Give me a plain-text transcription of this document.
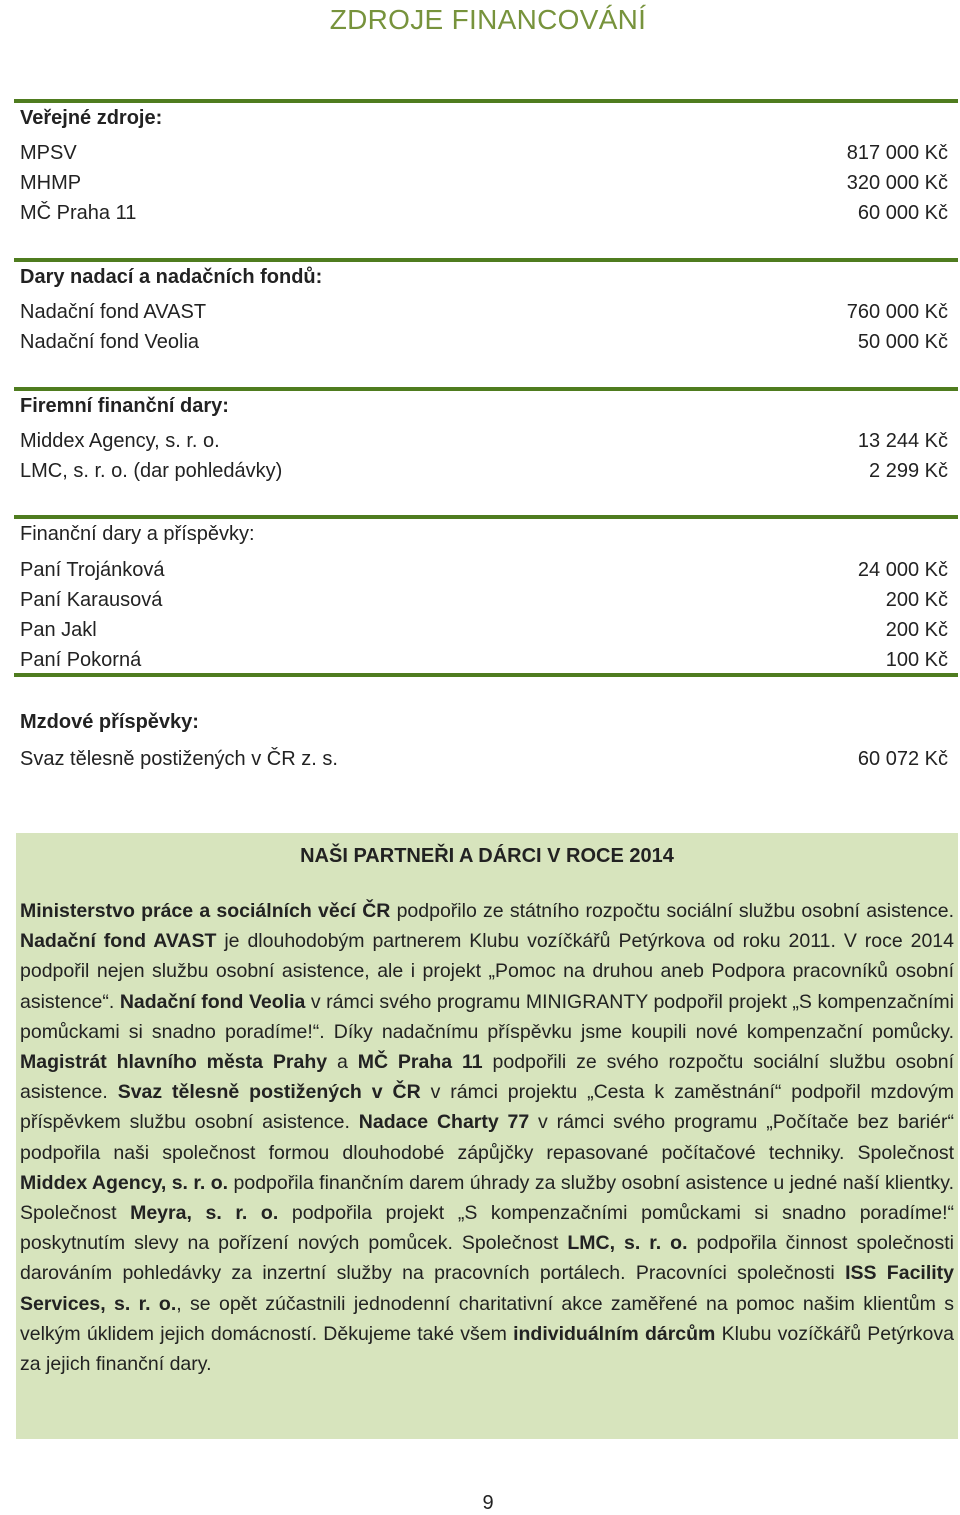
ZDROJE FINANCOVÁNÍ
Veřejné zdroje:
MPSV	817 000 Kč
MHMP	320 000 Kč
MČ Praha 11	60 000 Kč
Dary nadací a nadačních fondů:
Nadační fond AVAST	760 000 Kč
Nadační fond Veolia	50 000 Kč
Firemní finanční dary:
Middex Agency, s. r. o.	13 244 Kč
LMC, s. r. o. (dar pohledávky)	2 299 Kč
Finanční dary a příspěvky:
Paní Trojánková	24 000 Kč
Paní Karausová	200 Kč
Pan Jakl	200 Kč
Paní Pokorná	100 Kč
Mzdové příspěvky:
Svaz tělesně postižených v ČR z. s.	60 072 Kč
NAŠI PARTNEŘI A DÁRCI V ROCE 2014
Ministerstvo práce a sociálních věcí ČR podpořilo ze státního rozpočtu sociální službu osobní asistence. Nadační fond AVAST je dlouhodobým partnerem Klubu vozíčkářů Petýrkova od roku 2011. V roce 2014 podpořil nejen službu osobní asistence, ale i projekt „Pomoc na druhou aneb Podpora pracovníků osobní asistence“. Nadační fond Veolia v rámci svého programu MINIGRANTY podpořil projekt „S kompenzačními pomůckami si snadno poradíme!“. Díky nadačnímu příspěvku jsme koupili nové kompenzační pomůcky. Magistrát hlavního města Prahy a MČ Praha 11 podpořili ze svého rozpočtu sociální službu osobní asistence. Svaz tělesně postižených v ČR v rámci projektu „Cesta k zaměstnání“ podpořil mzdovým příspěvkem službu osobní asistence. Nadace Charty 77 v rámci svého programu „Počítače bez bariér“ podpořila naši společnost formou dlouhodobé zápůjčky repasované počítačové techniky. Společnost Middex Agency, s. r. o. podpořila finančním darem úhrady za služby osobní asistence u jedné naší klientky. Společnost Meyra, s. r. o. podpořila projekt „S kompenzačními pomůckami si snadno poradíme!“ poskytnutím slevy na pořízení nových pomůcek. Společnost LMC, s. r. o. podpořila činnost společnosti darováním pohledávky za inzertní služby na pracovních portálech. Pracovníci společnosti ISS Facility Services, s. r. o., se opět zúčastnili jednodenní charitativní akce zaměřené na pomoc našim klientům s velkým úklidem jejich domácností. Děkujeme také všem individuálním dárcům Klubu vozíčkářů Petýrkova za jejich finanční dary.
9
